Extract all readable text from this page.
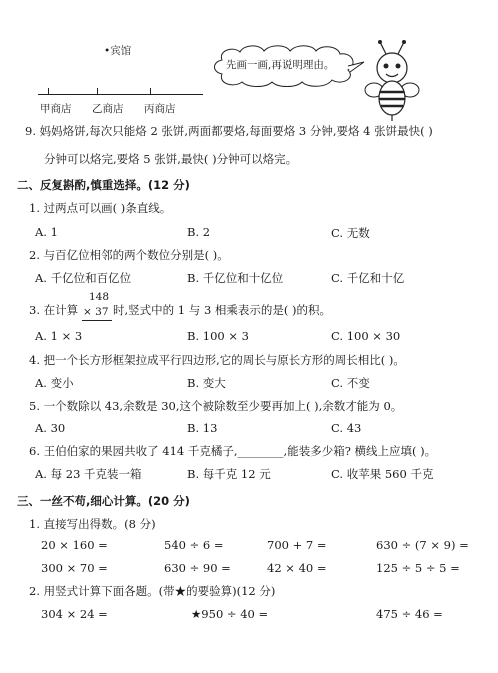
•宾馆
甲商店 乙商店 丙商店
先画一画,再说明理由。
9. 妈妈烙饼,每次只能烙 2 张饼,两面都要烙,每面要烙 3 分钟,要烙 4 张饼最快( )
分钟可以烙完,要烙 5 张饼,最快( )分钟可以烙完。
二、反复斟酌,慎重选择。(12 分)
1. 过两点可以画( )条直线。
A. 1	B. 2	C. 无数
2. 与百亿位相邻的两个数位分别是( )。
A. 千亿位和百亿位	B. 千亿位和十亿位	C. 千亿和十亿
3. 在计算
148
× 37 时,竖式中的 1 与 3 相乘表示的是( )的积。
A. 1 × 3	B. 100 × 3	C. 100 × 30
4. 把一个长方形框架拉成平行四边形,它的周长与原长方形的周长相比( )。
A. 变小	B. 变大	C. 不变
5. 一个数除以 43,余数是 30,这个被除数至少要再加上( ),余数才能为 0。
A. 30	B. 13	C. 43
6. 王伯伯家的果园共收了 414 千克橘子,________,能装多少箱? 横线上应填( )。
A. 每 23 千克装一箱	B. 每千克 12 元	C. 收苹果 560 千克
三、一丝不苟,细心计算。(20 分)
1. 直接写出得数。(8 分)
20 × 160 =	540 ÷ 6 =	700 + 7 =	630 ÷ (7 × 9) =
300 × 70 =	630 ÷ 90 =	42 × 40 =	125 ÷ 5 ÷ 5 =
2. 用竖式计算下面各题。(带★的要验算)(12 分)
304 × 24 =	★950 ÷ 40 =	475 ÷ 46 =
